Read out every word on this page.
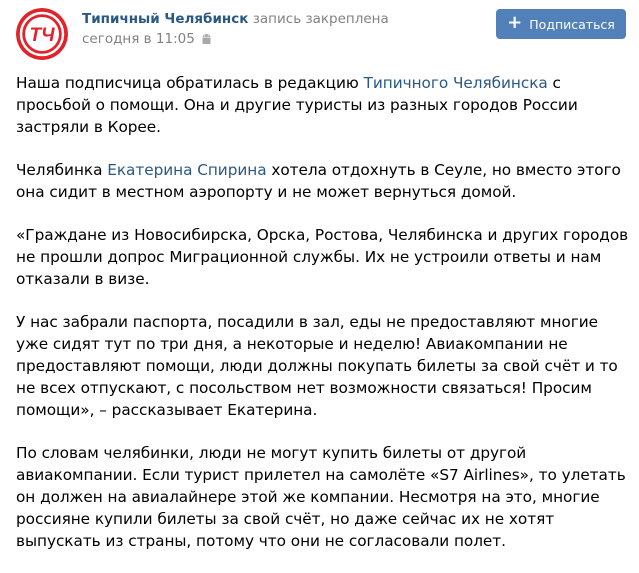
ТЧ
Типичный Челябинск запись закреплена
сегодня в 11:05
+ Подписаться

Наша подписчица обратилась в редакцию Типичного Челябинска с просьбой о помощи. Она и другие туристы из разных городов России застряли в Корее.

Челябинка Екатерина Спирина хотела отдохнуть в Сеуле, но вместо этого она сидит в местном аэропорту и не может вернуться домой.

«Граждане из Новосибирска, Орска, Ростова, Челябинска и других городов не прошли допрос Миграционной службы. Их не устроили ответы и нам отказали в визе.

У нас забрали паспорта, посадили в зал, еды не предоставляют многие уже сидят тут по три дня, а некоторые и неделю! Авиакомпании не предоставляют помощи, люди должны покупать билеты за свой счёт и то не всех отпускают, с посольством нет возможности связаться! Просим помощи», – рассказывает Екатерина.

По словам челябинки, люди не могут купить билеты от другой авиакомпании. Если турист прилетел на самолёте «S7 Airlines», то улетать он должен на авиалайнере этой же компании. Несмотря на это, многие россияне купили билеты за свой счёт, но даже сейчас их не хотят выпускать из страны, потому что они не согласовали полет.
